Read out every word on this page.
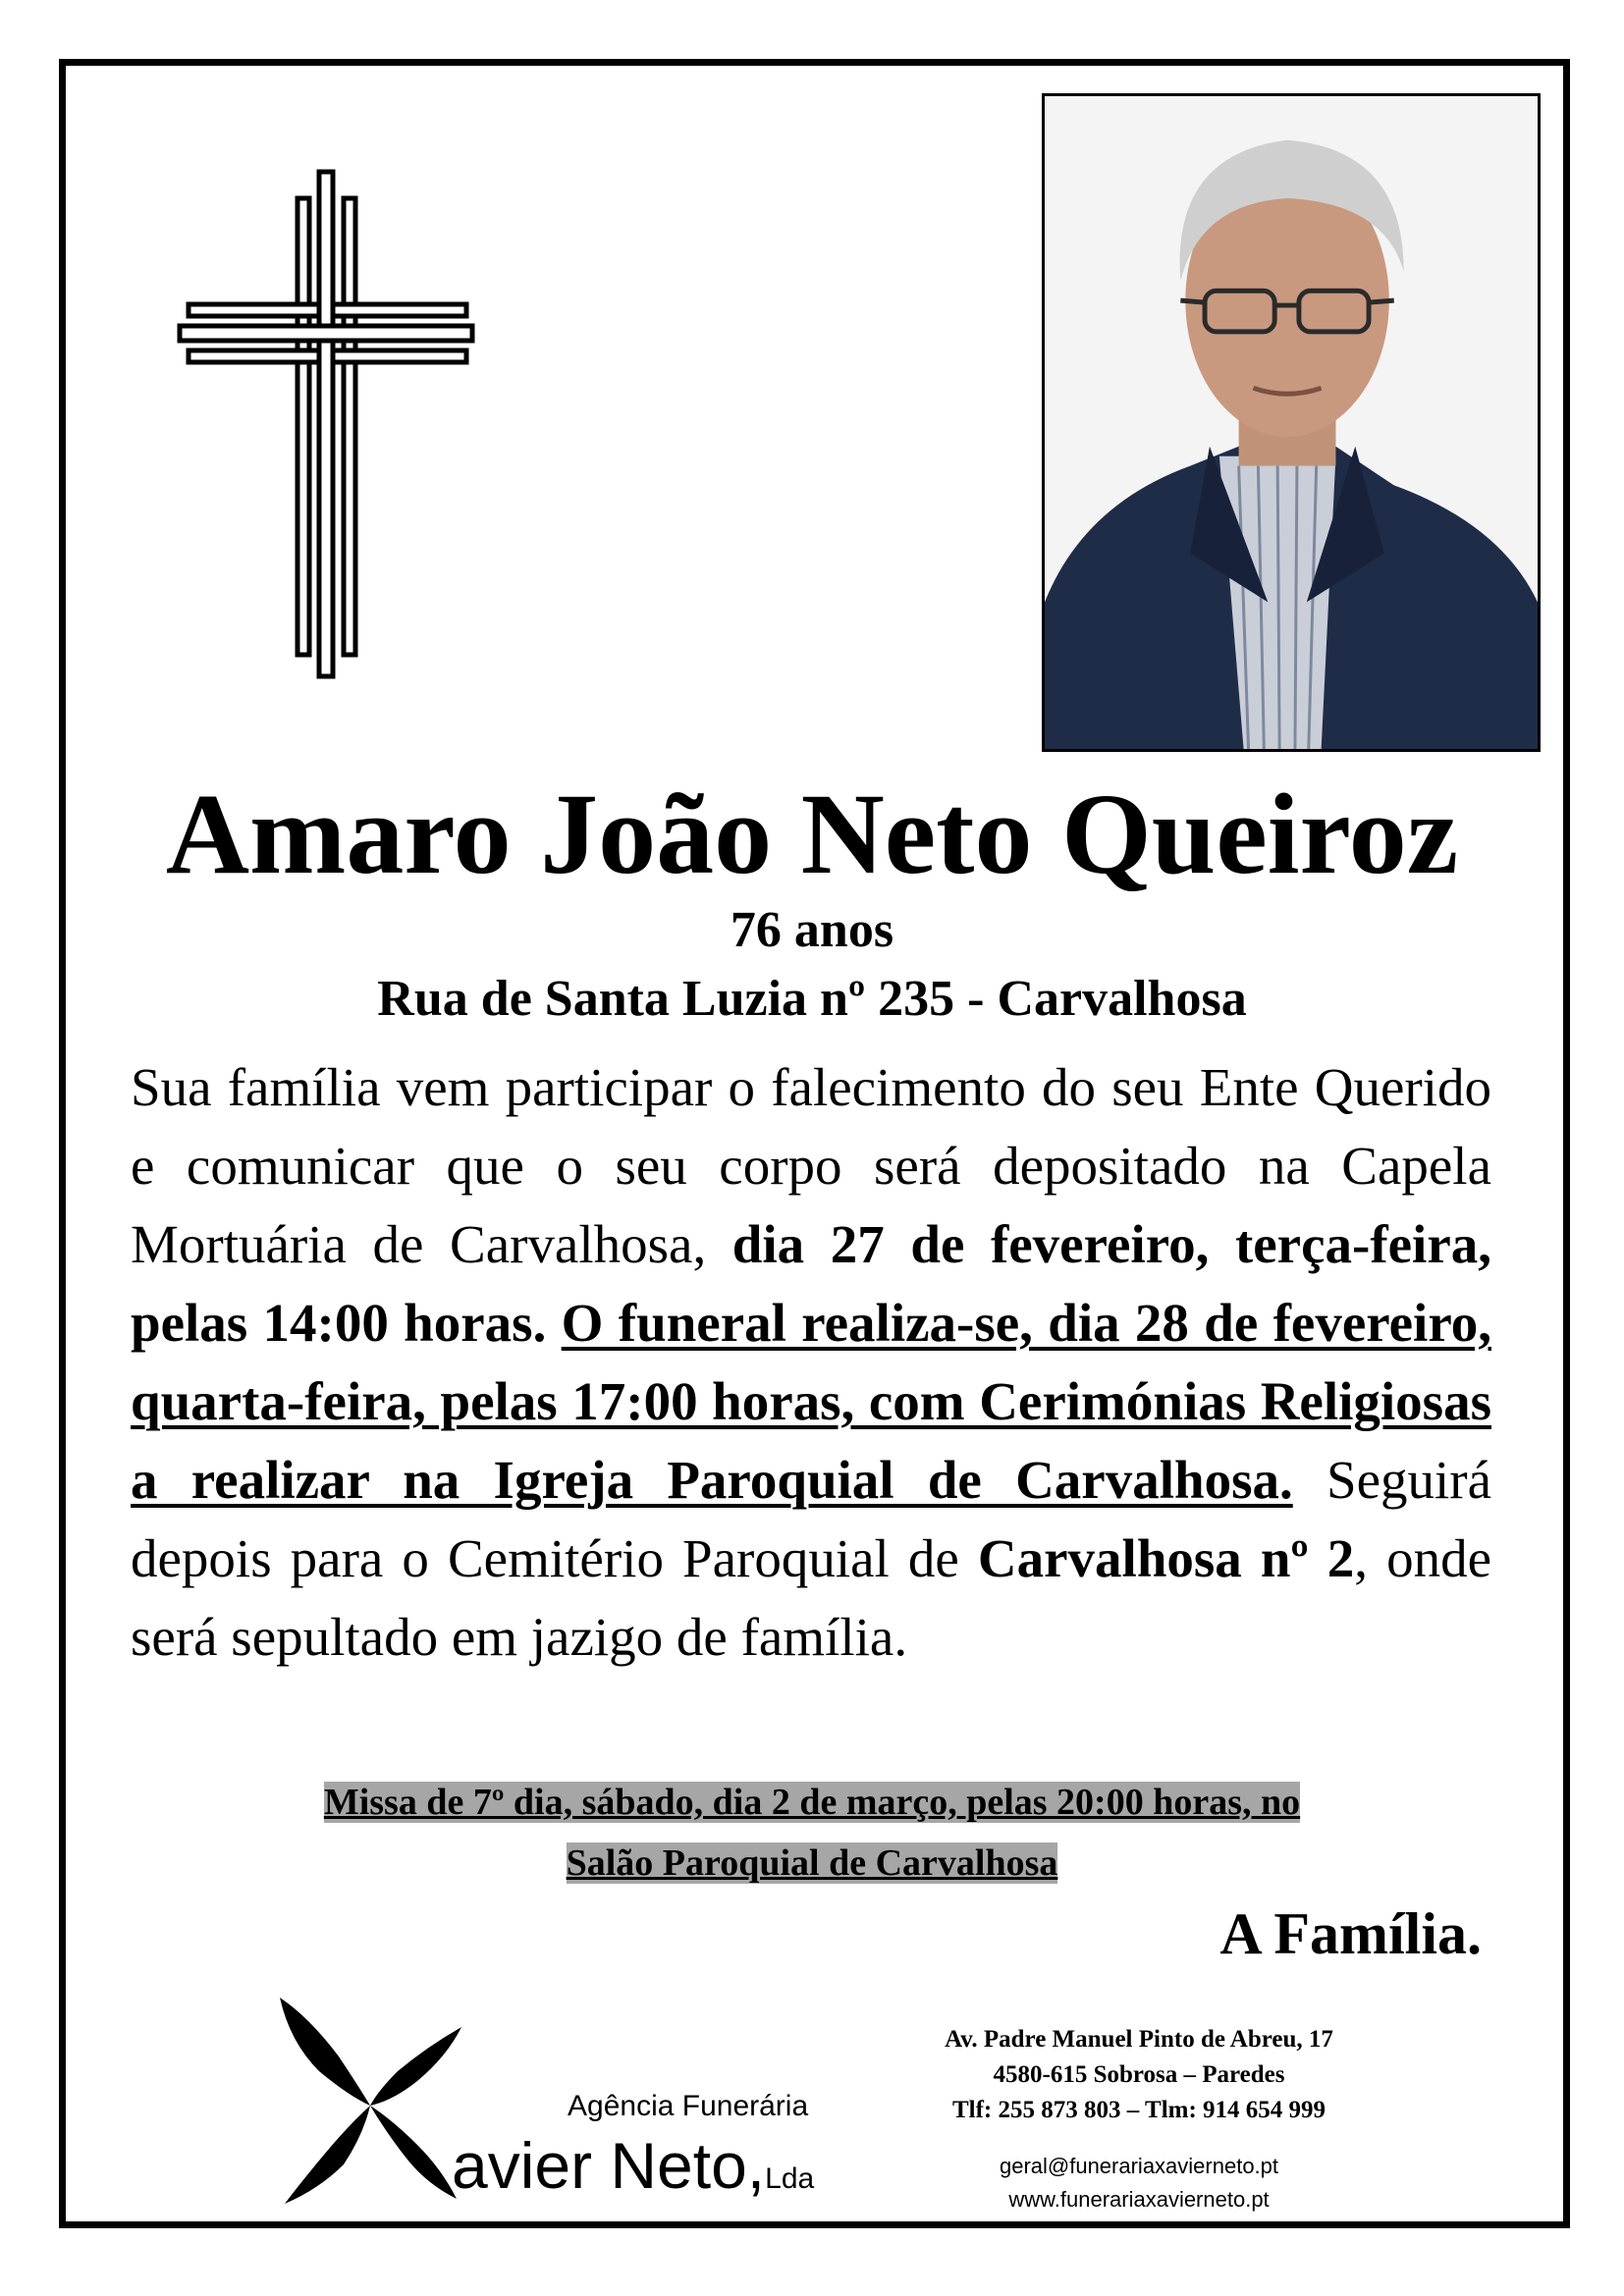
Amaro João Neto Queiroz
76 anos
Rua de Santa Luzia nº 235 - Carvalhosa
Sua família vem participar o falecimento do seu Ente Querido e comunicar que o seu corpo será depositado na Capela Mortuária de Carvalhosa, dia 27 de fevereiro, terça-feira, pelas 14:00 horas. O funeral realiza-se, dia 28 de fevereiro, quarta-feira, pelas 17:00 horas, com Cerimónias Religiosas a realizar na Igreja Paroquial de Carvalhosa. Seguirá depois para o Cemitério Paroquial de Carvalhosa nº 2, onde será sepultado em jazigo de família.
Missa de 7º dia, sábado, dia 2 de março, pelas 20:00 horas, no
Salão Paroquial de Carvalhosa
A Família.
Agência Funerária
avier Neto,Lda
Av. Padre Manuel Pinto de Abreu, 17
4580-615 Sobrosa – Paredes
Tlf: 255 873 803 – Tlm: 914 654 999
geral@funerariaxavierneto.pt
www.funerariaxavierneto.pt
